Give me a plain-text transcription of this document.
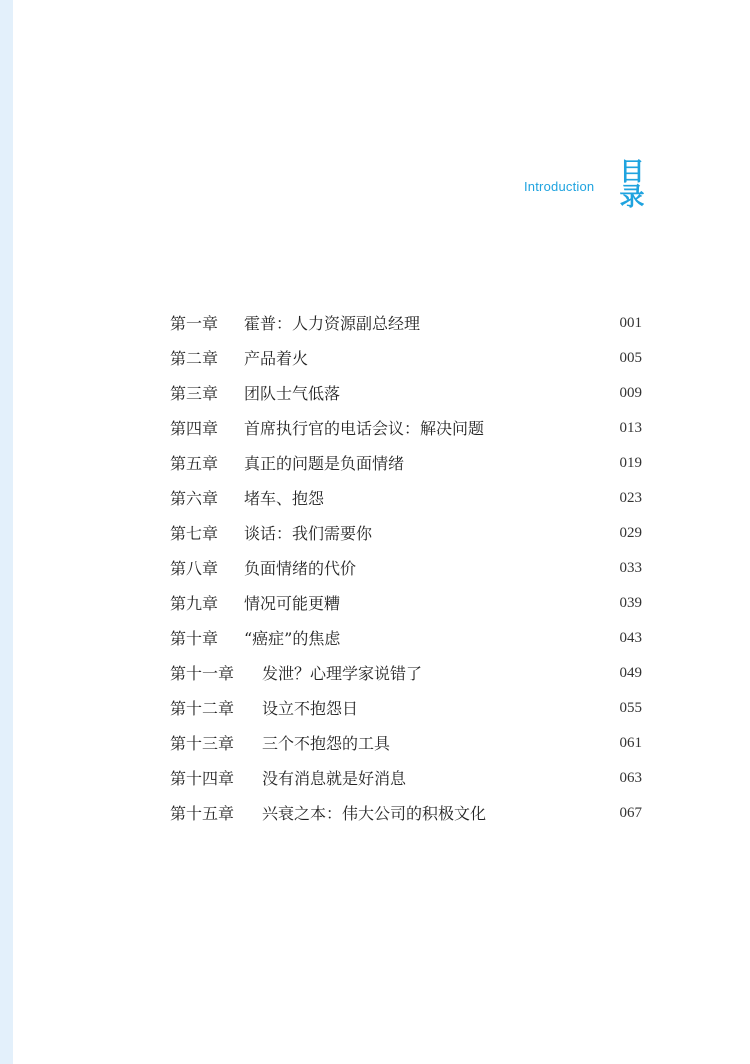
Introduction 目录
第一章 霍普：人力资源副总经理	001
第二章 产品着火	005
第三章 团队士气低落	009
第四章 首席执行官的电话会议：解决问题	013
第五章 真正的问题是负面情绪	019
第六章 堵车、抱怨	023
第七章 谈话：我们需要你	029
第八章 负面情绪的代价	033
第九章 情况可能更糟	039
第十章 “癌症”的焦虑	043
第十一章 发泄？心理学家说错了	049
第十二章 设立不抱怨日	055
第十三章 三个不抱怨的工具	061
第十四章 没有消息就是好消息	063
第十五章 兴衰之本：伟大公司的积极文化	067
